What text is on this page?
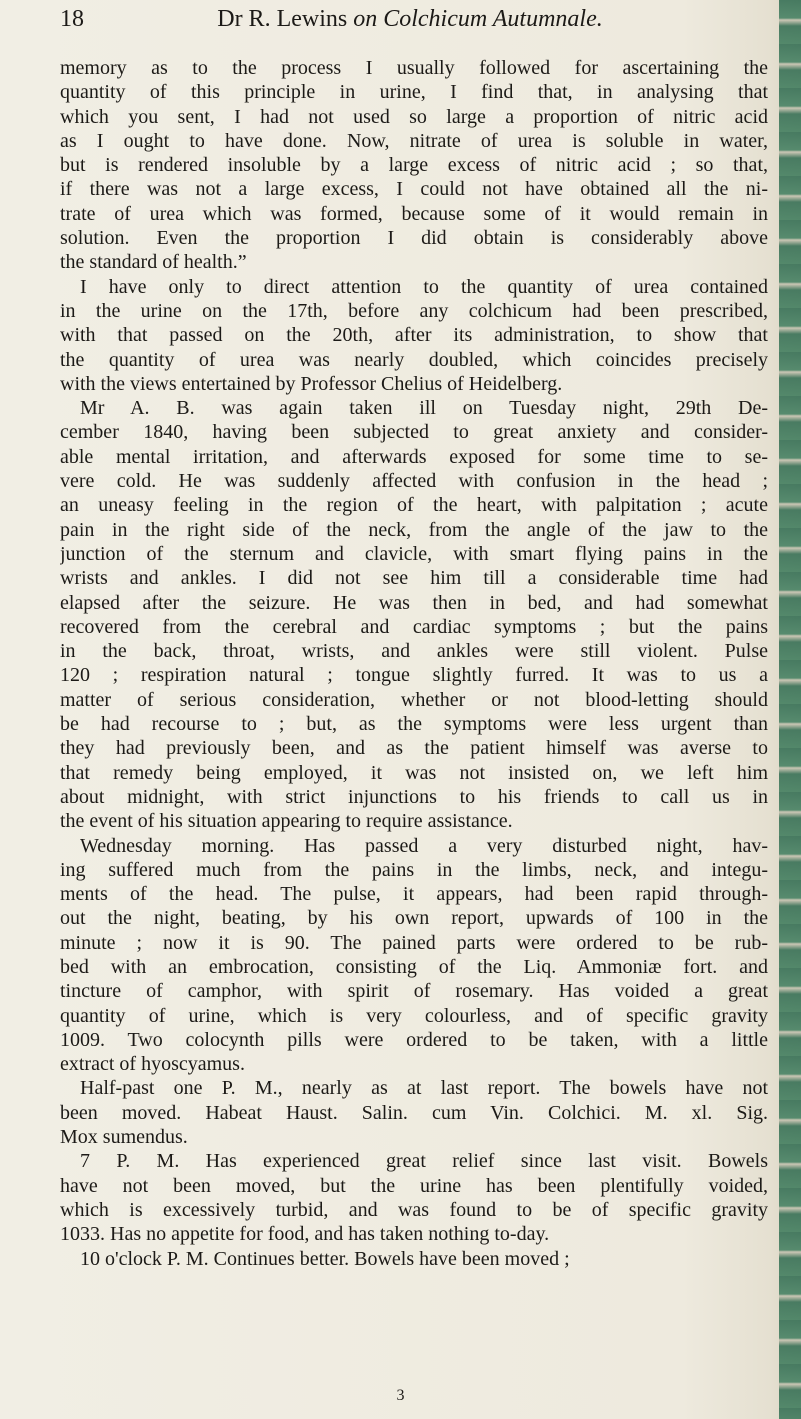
18	Dr R. Lewins on Colchicum Autumnale.
memory as to the process I usually followed for ascertaining the
quantity of this principle in urine, I find that, in analysing that
which you sent, I had not used so large a proportion of nitric acid
as I ought to have done. Now, nitrate of urea is soluble in water,
but is rendered insoluble by a large excess of nitric acid ; so that,
if there was not a large excess, I could not have obtained all the ni-
trate of urea which was formed, because some of it would remain in
solution. Even the proportion I did obtain is considerably above
the standard of health.”
I have only to direct attention to the quantity of urea contained
in the urine on the 17th, before any colchicum had been prescribed,
with that passed on the 20th, after its administration, to show that
the quantity of urea was nearly doubled, which coincides precisely
with the views entertained by Professor Chelius of Heidelberg.
Mr A. B. was again taken ill on Tuesday night, 29th De-
cember 1840, having been subjected to great anxiety and consider-
able mental irritation, and afterwards exposed for some time to se-
vere cold. He was suddenly affected with confusion in the head ;
an uneasy feeling in the region of the heart, with palpitation ; acute
pain in the right side of the neck, from the angle of the jaw to the
junction of the sternum and clavicle, with smart flying pains in the
wrists and ankles. I did not see him till a considerable time had
elapsed after the seizure. He was then in bed, and had somewhat
recovered from the cerebral and cardiac symptoms ; but the pains
in the back, throat, wrists, and ankles were still violent. Pulse
120 ; respiration natural ; tongue slightly furred. It was to us a
matter of serious consideration, whether or not blood-letting should
be had recourse to ; but, as the symptoms were less urgent than
they had previously been, and as the patient himself was averse to
that remedy being employed, it was not insisted on, we left him
about midnight, with strict injunctions to his friends to call us in
the event of his situation appearing to require assistance.
Wednesday morning. Has passed a very disturbed night, hav-
ing suffered much from the pains in the limbs, neck, and integu-
ments of the head. The pulse, it appears, had been rapid through-
out the night, beating, by his own report, upwards of 100 in the
minute ; now it is 90. The pained parts were ordered to be rub-
bed with an embrocation, consisting of the Liq. Ammoniæ fort. and
tincture of camphor, with spirit of rosemary. Has voided a great
quantity of urine, which is very colourless, and of specific gravity
1009. Two colocynth pills were ordered to be taken, with a little
extract of hyoscyamus.
Half-past one P. M., nearly as at last report. The bowels have not
been moved. Habeat Haust. Salin. cum Vin. Colchici. M. xl. Sig.
Mox sumendus.
7 P. M. Has experienced great relief since last visit. Bowels
have not been moved, but the urine has been plentifully voided,
which is excessively turbid, and was found to be of specific gravity
1033. Has no appetite for food, and has taken nothing to-day.
10 o'clock P. M. Continues better. Bowels have been moved ;
3
